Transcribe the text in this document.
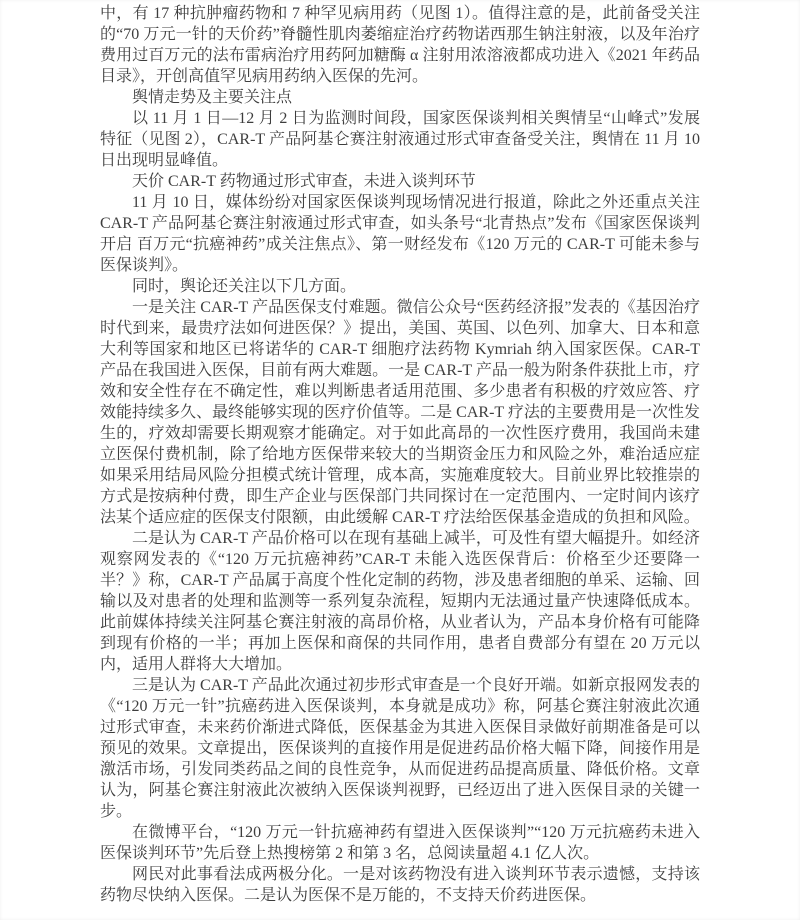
中，有 17 种抗肿瘤药物和 7 种罕见病用药（见图 1）。值得注意的是，此前备受关注的“70 万元一针的天价药”脊髓性肌肉萎缩症治疗药物诺西那生钠注射液，以及年治疗费用过百万元的法布雷病治疗用药阿加糖酶 α 注射用浓溶液都成功进入《2021 年药品目录》，开创高值罕见病用药纳入医保的先河。

舆情走势及主要关注点

以 11 月 1 日—12 月 2 日为监测时间段，国家医保谈判相关舆情呈“山峰式”发展特征（见图 2），CAR-T 产品阿基仑赛注射液通过形式审查备受关注，舆情在 11 月 10 日出现明显峰值。

天价 CAR-T 药物通过形式审查，未进入谈判环节

11 月 10 日，媒体纷纷对国家医保谈判现场情况进行报道，除此之外还重点关注 CAR-T 产品阿基仑赛注射液通过形式审查，如头条号“北青热点”发布《国家医保谈判开启 百万元“抗癌神药”成关注焦点》、第一财经发布《120 万元的 CAR-T 可能未参与医保谈判》。

同时，舆论还关注以下几方面。

一是关注 CAR-T 产品医保支付难题。微信公众号“医药经济报”发表的《基因治疗时代到来，最贵疗法如何进医保？》提出，美国、英国、以色列、加拿大、日本和意大利等国家和地区已将诺华的 CAR-T 细胞疗法药物 Kymriah 纳入国家医保。CAR-T 产品在我国进入医保，目前有两大难题。一是 CAR-T 产品一般为附条件获批上市，疗效和安全性存在不确定性，难以判断患者适用范围、多少患者有积极的疗效应答、疗效能持续多久、最终能够实现的医疗价值等。二是 CAR-T 疗法的主要费用是一次性发生的，疗效却需要长期观察才能确定。对于如此高昂的一次性医疗费用，我国尚未建立医保付费机制，除了给地方医保带来较大的当期资金压力和风险之外，难治适应症如果采用结局风险分担模式统计管理，成本高，实施难度较大。目前业界比较推崇的方式是按病种付费，即生产企业与医保部门共同探讨在一定范围内、一定时间内该疗法某个适应症的医保支付限额，由此缓解 CAR-T 疗法给医保基金造成的负担和风险。

二是认为 CAR-T 产品价格可以在现有基础上减半，可及性有望大幅提升。如经济观察网发表的《“120 万元抗癌神药”CAR-T 未能入选医保背后：价格至少还要降一半？》称，CAR-T 产品属于高度个性化定制的药物，涉及患者细胞的单采、运输、回输以及对患者的处理和监测等一系列复杂流程，短期内无法通过量产快速降低成本。此前媒体持续关注阿基仑赛注射液的高昂价格，从业者认为，产品本身价格有可能降到现有价格的一半；再加上医保和商保的共同作用，患者自费部分有望在 20 万元以内，适用人群将大大增加。

三是认为 CAR-T 产品此次通过初步形式审查是一个良好开端。如新京报网发表的《“120 万元一针”抗癌药进入医保谈判，本身就是成功》称，阿基仑赛注射液此次通过形式审查，未来药价渐进式降低，医保基金为其进入医保目录做好前期准备是可以预见的效果。文章提出，医保谈判的直接作用是促进药品价格大幅下降，间接作用是激活市场，引发同类药品之间的良性竞争，从而促进药品提高质量、降低价格。文章认为，阿基仑赛注射液此次被纳入医保谈判视野，已经迈出了进入医保目录的关键一步。

在微博平台，“120 万元一针抗癌神药有望进入医保谈判”“120 万元抗癌药未进入医保谈判环节”先后登上热搜榜第 2 和第 3 名，总阅读量超 4.1 亿人次。

网民对此事看法成两极分化。一是对该药物没有进入谈判环节表示遗憾，支持该药物尽快纳入医保。二是认为医保不是万能的，不支持天价药进医保。
